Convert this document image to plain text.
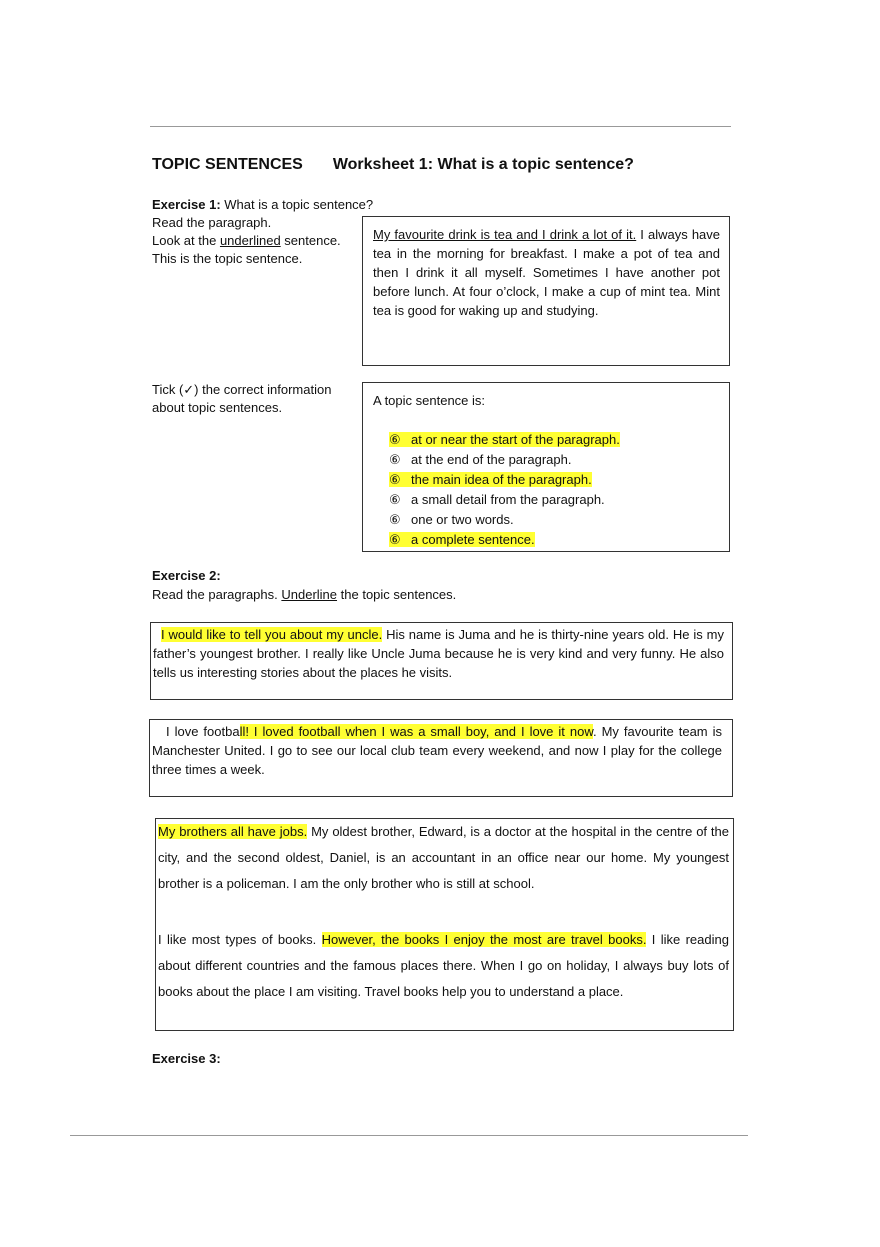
TOPIC SENTENCES Worksheet 1: What is a topic sentence?
Exercise 1: What is a topic sentence?
Read the paragraph.
Look at the underlined sentence.
This is the topic sentence.

My favourite drink is tea and I drink a lot of it. I always have tea in the morning for breakfast. I make a pot of tea and then I drink it all myself. Sometimes I have another pot before lunch. At four o’clock, I make a cup of mint tea. Mint tea is good for waking up and studying.

Tick (✓) the correct information
about topic sentences.	A topic sentence is:

⑥ at or near the start of the paragraph.
⑥ at the end of the paragraph.
⑥ the main idea of the paragraph.
⑥ a small detail from the paragraph.
⑥ one or two words.
⑥ a complete sentence.
Exercise 2:
Read the paragraphs. Underline the topic sentences.

I would like to tell you about my uncle. His name is Juma and he is thirty-nine years old. He is my father’s youngest brother. I really like Uncle Juma because he is very kind and very funny. He also tells us interesting stories about the places he visits.

I love football! I loved football when I was a small boy, and I love it now. My favourite team is Manchester United. I go to see our local club team every weekend, and now I play for the college three times a week.

My brothers all have jobs. My oldest brother, Edward, is a doctor at the hospital in the centre of the city, and the second oldest, Daniel, is an accountant in an office near our home. My youngest brother is a policeman. I am the only brother who is still at school.

I like most types of books. However, the books I enjoy the most are travel books. I like reading about different countries and the famous places there. When I go on holiday, I always buy lots of books about the place I am visiting. Travel books help you to understand a place.

Exercise 3:
